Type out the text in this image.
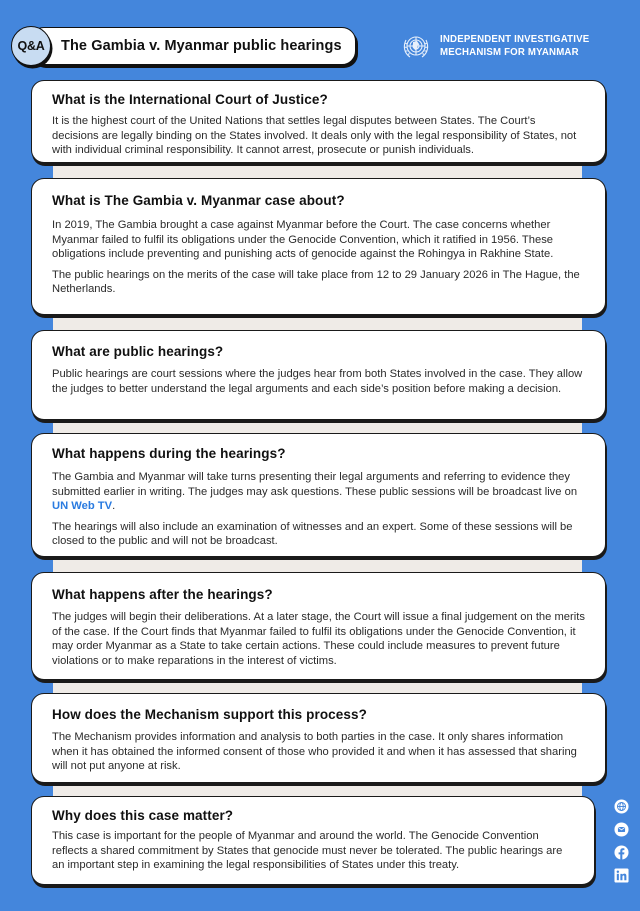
The Gambia v. Myanmar public hearings
Q&A	INDEPENDENT INVESTIGATIVE
MECHANISM FOR MYANMAR
What is the International Court of Justice?

It is the highest court of the United Nations that settles legal disputes between States. The Court’s decisions are legally binding on the States involved. It deals only with the legal responsibility of States, not with individual criminal responsibility. It cannot arrest, prosecute or punish individuals.

What is The Gambia v. Myanmar case about?

In 2019, The Gambia brought a case against Myanmar before the Court. The case concerns whether Myanmar failed to fulfil its obligations under the Genocide Convention, which it ratified in 1956. These obligations include preventing and punishing acts of genocide against the Rohingya in Rakhine State.

The public hearings on the merits of the case will take place from 12 to 29 January 2026 in The Hague, the Netherlands.

What are public hearings?

Public hearings are court sessions where the judges hear from both States involved in the case. They allow the judges to better understand the legal arguments and each side’s position before making a decision.

What happens during the hearings?

The Gambia and Myanmar will take turns presenting their legal arguments and referring to evidence they submitted earlier in writing. The judges may ask questions. These public sessions will be broadcast live on UN Web TV.

The hearings will also include an examination of witnesses and an expert. Some of these sessions will be closed to the public and will not be broadcast.

What happens after the hearings?

The judges will begin their deliberations. At a later stage, the Court will issue a final judgement on the merits of the case. If the Court finds that Myanmar failed to fulfil its obligations under the Genocide Convention, it may order Myanmar as a State to take certain actions. These could include measures to prevent future violations or to make reparations in the interest of victims.

How does the Mechanism support this process?

The Mechanism provides information and analysis to both parties in the case. It only shares information when it has obtained the informed consent of those who provided it and when it has assessed that sharing will not put anyone at risk.

Why does this case matter?

This case is important for the people of Myanmar and around the world. The Genocide Convention reflects a shared commitment by States that genocide must never be tolerated. The public hearings are an important step in examining the legal responsibilities of States under this treaty.
